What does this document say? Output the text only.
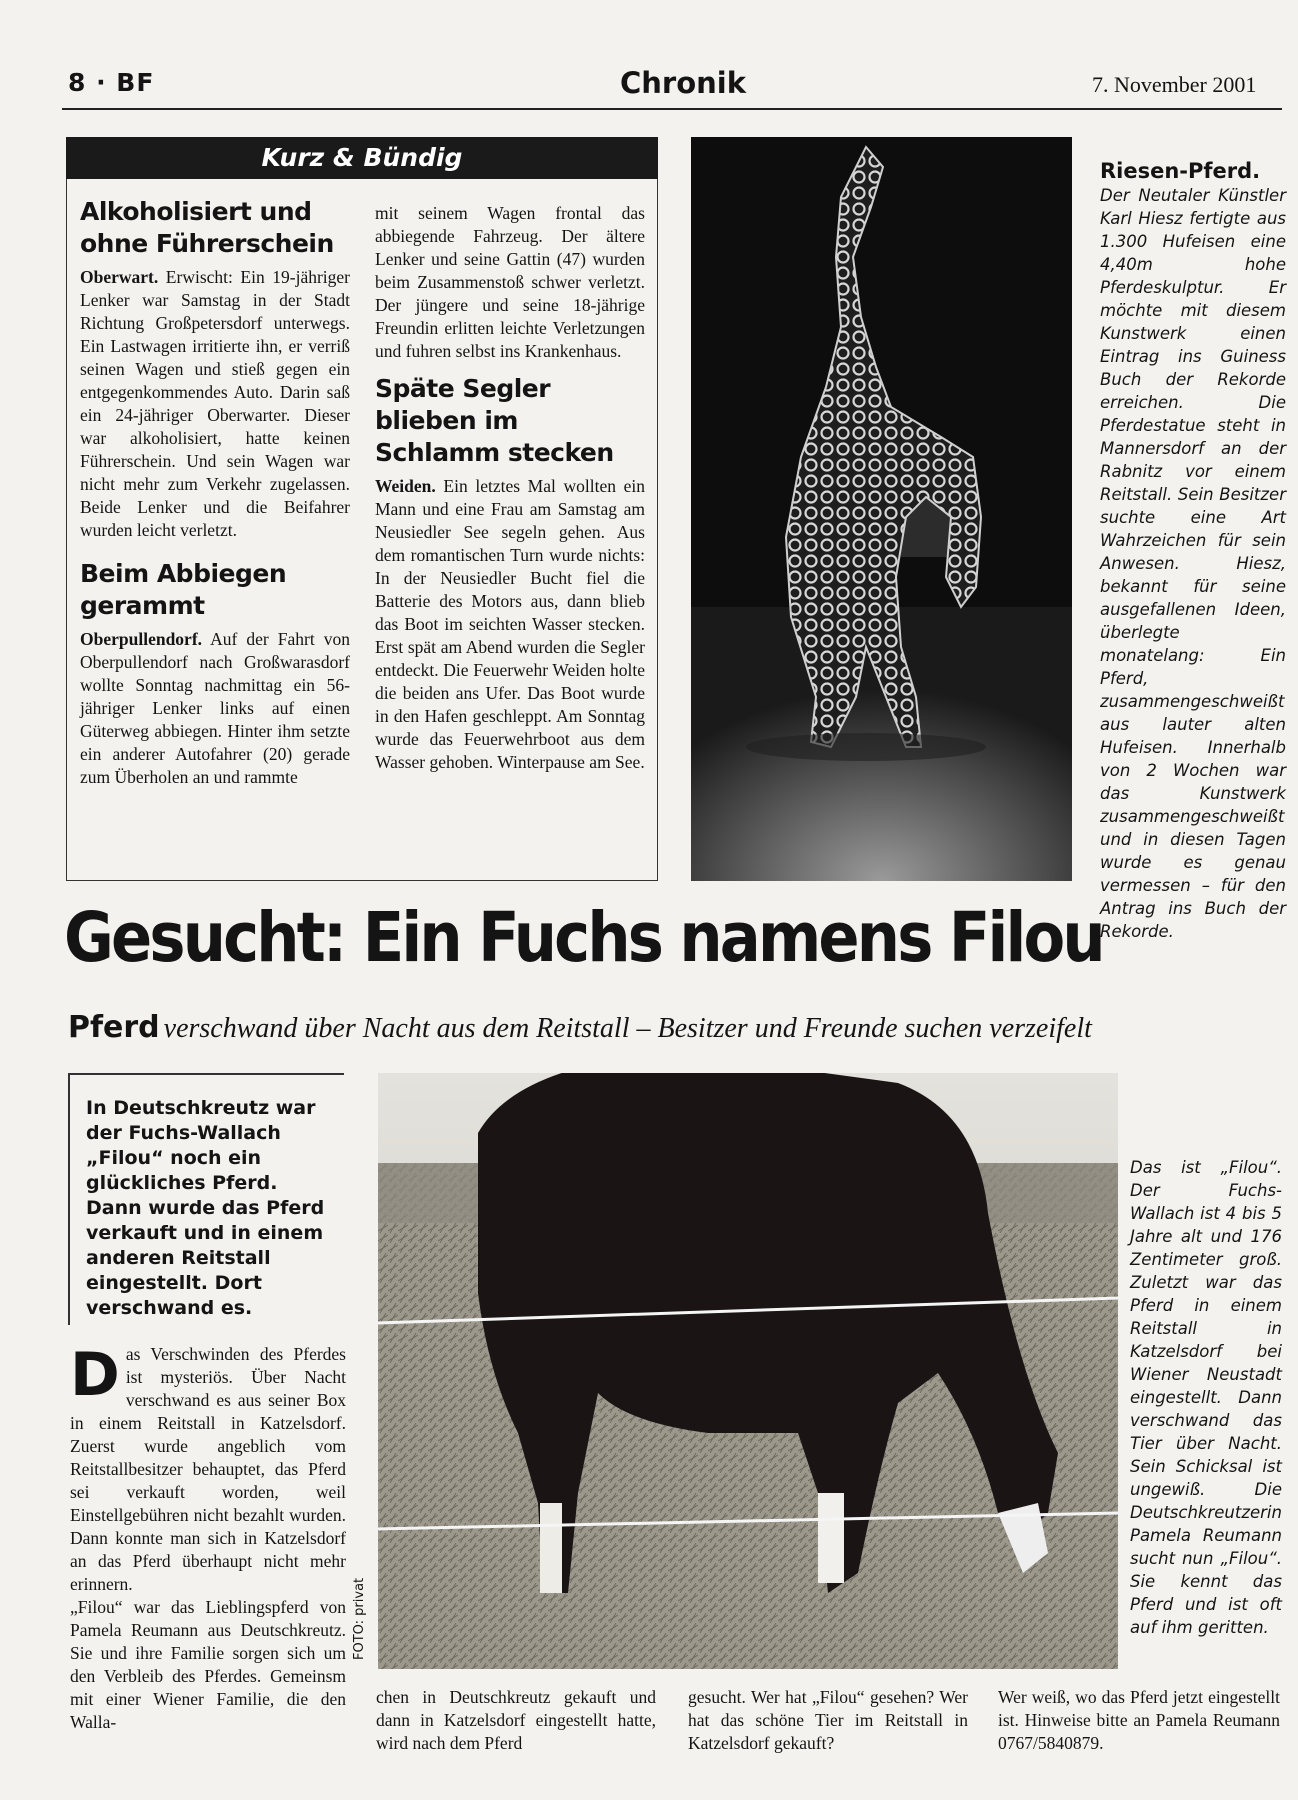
8 · BF	Chronik	7. November 2001
Kurz & Bündig
Alkoholisiert und ohne Führerschein

Oberwart. Erwischt: Ein 19-jähriger Lenker war Samstag in der Stadt Richtung Großpetersdorf unterwegs. Ein Lastwagen irritierte ihn, er verriß seinen Wagen und stieß gegen ein entgegenkommendes Auto. Darin saß ein 24-jähriger Oberwarter. Dieser war alkoholisiert, hatte keinen Führerschein. Und sein Wagen war nicht mehr zum Verkehr zugelassen. Beide Lenker und die Beifahrer wurden leicht verletzt.

Beim Abbiegen gerammt

Oberpullendorf. Auf der Fahrt von Oberpullendorf nach Großwarasdorf wollte Sonntag nachmittag ein 56-jähriger Lenker links auf einen Güterweg abbiegen. Hinter ihm setzte ein anderer Autofahrer (20) gerade zum Überholen an und rammte

mit seinem Wagen frontal das abbiegende Fahrzeug. Der ältere Lenker und seine Gattin (47) wurden beim Zusammenstoß schwer verletzt. Der jüngere und seine 18-jährige Freundin erlitten leichte Verletzungen und fuhren selbst ins Krankenhaus.
Späte Segler blieben im Schlamm stecken

Weiden. Ein letztes Mal wollten ein Mann und eine Frau am Samstag am Neusiedler See segeln gehen. Aus dem romantischen Turn wurde nichts: In der Neusiedler Bucht fiel die Batterie des Motors aus, dann blieb das Boot im seichten Wasser stecken. Erst spät am Abend wurden die Segler entdeckt. Die Feuerwehr Weiden holte die beiden ans Ufer. Das Boot wurde in den Hafen geschleppt. Am Sonntag wurde das Feuerwehrboot aus dem Wasser gehoben. Winterpause am See.

Riesen-Pferd. Der Neutaler Künstler Karl Hiesz fertigte aus 1.300 Hufeisen eine 4,40m hohe Pferdeskulptur. Er möchte mit diesem Kunstwerk einen Eintrag ins Guiness Buch der Rekorde erreichen. Die Pferdestatue steht in Mannersdorf an der Rabnitz vor einem Reitstall. Sein Besitzer suchte eine Art Wahrzeichen für sein Anwesen. Hiesz, bekannt für seine ausgefallenen Ideen, überlegte monatelang: Ein Pferd, zusammengeschweißt aus lauter alten Hufeisen. Innerhalb von 2 Wochen war das Kunstwerk zusammengeschweißt und in diesen Tagen wurde es genau vermessen – für den Antrag ins Buch der Rekorde.

Gesucht: Ein Fuchs namens Filou
Pferd verschwand über Nacht aus dem Reitstall – Besitzer und Freunde suchen verzeifelt
In Deutschkreutz war der Fuchs-Wallach „Filou“ noch ein glückliches Pferd. Dann wurde das Pferd verkauft und in einem anderen Reitstall eingestellt. Dort verschwand es.

Das Verschwinden des Pferdes ist mysteriös. Über Nacht verschwand es aus seiner Box in einem Reitstall in Katzelsdorf. Zuerst wurde angeblich vom Reitstallbesitzer behauptet, das Pferd sei verkauft worden, weil Einstellgebühren nicht bezahlt wurden. Dann konnte man sich in Katzelsdorf an das Pferd überhaupt nicht mehr erinnern.

„Filou“ war das Lieblingspferd von Pamela Reumann aus Deutschkreutz. Sie und ihre Familie sorgen sich um den Verbleib des Pferdes. Gemeinsm mit einer Wiener Familie, die den Walla-

FOTO: privat
Das ist „Filou“. Der Fuchs-Wallach ist 4 bis 5 Jahre alt und 176 Zentimeter groß. Zuletzt war das Pferd in einem Reitstall in Katzelsdorf bei Wiener Neustadt eingestellt. Dann verschwand das Tier über Nacht. Sein Schicksal ist ungewiß. Die Deutschkreutzerin Pamela Reumann sucht nun „Filou“. Sie kennt das Pferd und ist oft auf ihm geritten.
chen in Deutschkreutz gekauft und dann in Katzelsdorf eingestellt hatte, wird nach dem Pferd
gesucht. Wer hat „Filou“ gesehen? Wer hat das schöne Tier im Reitstall in Katzelsdorf gekauft?
Wer weiß, wo das Pferd jetzt eingestellt ist. Hinweise bitte an Pamela Reumann 0767/5840879.
